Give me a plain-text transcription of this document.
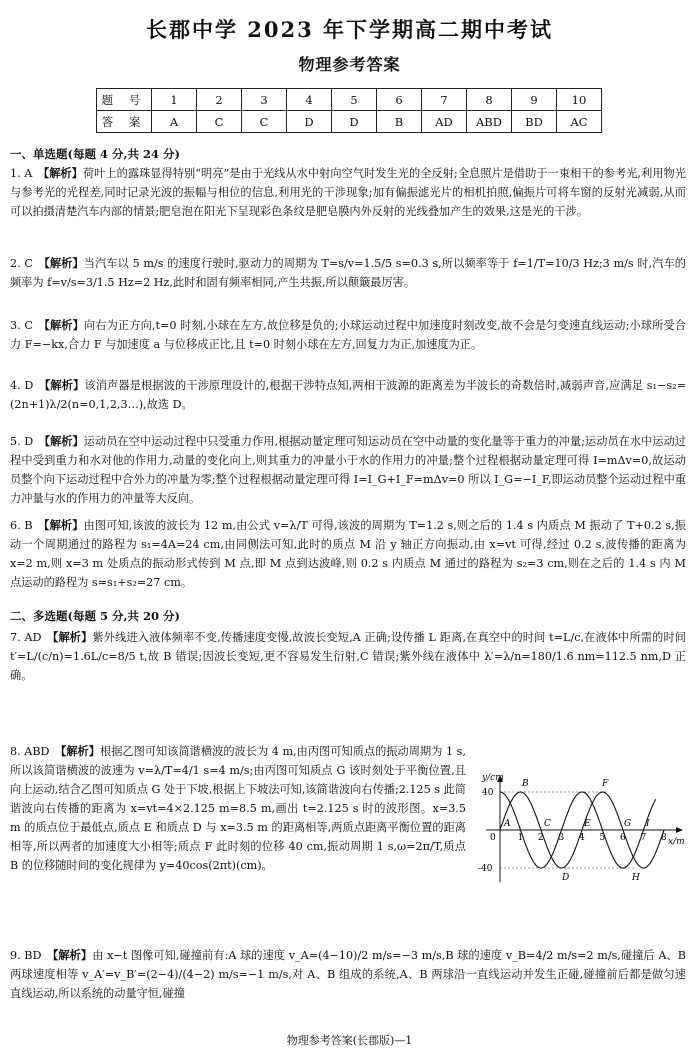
长郡中学 2023 年下学期高二期中考试
物理参考答案
题 号	1	2	3	4	5	6	7	8	9	10
答 案	A	C	C	D	D	B	AD	ABD	BD	AC
一、单选题(每题 4 分,共 24 分)
1. A 【解析】荷叶上的露珠显得特别“明亮”是由于光线从水中射向空气时发生光的全反射;全息照片是借助于一束相干的参考光,利用物光与参考光的光程差,同时记录光波的振幅与相位的信息,利用光的干涉现象;加有偏振滤光片的相机拍照,偏振片可将车窗的反射光减弱,从而可以拍摄清楚汽车内部的情景;肥皂泡在阳光下呈现彩色条纹是肥皂膜内外反射的光线叠加产生的效果,这是光的干涉。
2. C 【解析】当汽车以 5 m/s 的速度行驶时,驱动力的周期为 T=s/v=1.5/5 s=0.3 s,所以频率等于 f=1/T=10/3 Hz;3 m/s 时,汽车的频率为 f=v/s=3/1.5 Hz=2 Hz,此时和固有频率相同,产生共振,所以颠簸最厉害。
3. C 【解析】向右为正方向,t=0 时刻,小球在左方,故位移是负的;小球运动过程中加速度时刻改变,故不会是匀变速直线运动;小球所受合力 F=−kx,合力 F 与加速度 a 与位移成正比,且 t=0 时刻小球在左方,回复力为正,加速度为正。
4. D 【解析】该消声器是根据波的干涉原理设计的,根据干涉特点知,两相干波源的距离差为半波长的奇数倍时,减弱声音,应满足 s₁−s₂=(2n+1)λ/2(n=0,1,2,3…),故选 D。
5. D 【解析】运动员在空中运动过程中只受重力作用,根据动量定理可知运动员在空中动量的变化量等于重力的冲量;运动员在水中运动过程中受到重力和水对他的作用力,动量的变化向上,则其重力的冲量小于水的作用力的冲量;整个过程根据动量定理可得 I=mΔv=0,故运动员整个向下运动过程中合外力的冲量为零;整个过程根据动量定理可得 I=I_G+I_F=mΔv=0 所以 I_G=−I_F,即运动员整个运动过程中重力冲量与水的作用力的冲量等大反向。
6. B 【解析】由图可知,该波的波长为 12 m,由公式 v=λ/T 可得,该波的周期为 T=1.2 s,则之后的 1.4 s 内质点 M 振动了 T+0.2 s,振动一个周期通过的路程为 s₁=4A=24 cm,由同侧法可知,此时的质点 M 沿 y 轴正方向振动,由 x=vt 可得,经过 0.2 s,波传播的距离为 x=2 m,则 x=3 m 处质点的振动形式传到 M 点,即 M 点到达波峰,则 0.2 s 内质点 M 通过的路程为 s₂=3 cm,则在之后的 1.4 s 内 M 点运动的路程为 s=s₁+s₂=27 cm。
二、多选题(每题 5 分,共 20 分)
7. AD 【解析】紫外线进入液体频率不变,传播速度变慢,故波长变短,A 正确;设传播 L 距离,在真空中的时间 t=L/c,在液体中所需的时间 t′=L/(c/n)=1.6L/c=8/5 t,故 B 错误;因波长变短,更不容易发生衍射,C 错误;紫外线在液体中 λ′=λ/n=180/1.6 nm=112.5 nm,D 正确。
8. ABD 【解析】根据乙图可知该简谐横波的波长为 4 m,由丙图可知质点的振动周期为 1 s,所以该简谐横波的波速为 v=λ/T=4/1 s=4 m/s;由丙图可知质点 G 该时刻处于平衡位置,且向上运动,结合乙图可知质点 G 处于下坡,根据上下坡法可知,该简谐波向右传播;2.125 s 此简谐波向右传播的距离为 x=vt=4×2.125 m=8.5 m,画出 t=2.125 s 时的波形图。x=3.5 m 的质点位于最低点,质点 E 和质点 D 与 x=3.5 m 的距离相等,两质点距离平衡位置的距离相等,所以两者的加速度大小相等;质点 F 此时刻的位移 40 cm,振动周期 1 s,ω=2π/T,质点 B 的位移随时间的变化规律为 y=40cos(2πt)(cm)。
y/cm
x/m
40
-40
0 1 2 3 4 5 6 7 8
A
B
C
D
E
F
G
H
I
9. BD 【解析】由 x−t 图像可知,碰撞前有:A 球的速度 v_A=(4−10)/2 m/s=−3 m/s,B 球的速度 v_B=4/2 m/s=2 m/s,碰撞后 A、B 两球速度相等 v_A′=v_B′=(2−4)/(4−2) m/s=−1 m/s,对 A、B 组成的系统,A、B 两球沿一直线运动并发生正碰,碰撞前后都是做匀速直线运动,所以系统的动量守恒,碰撞
物理参考答案(长郡版)—1
